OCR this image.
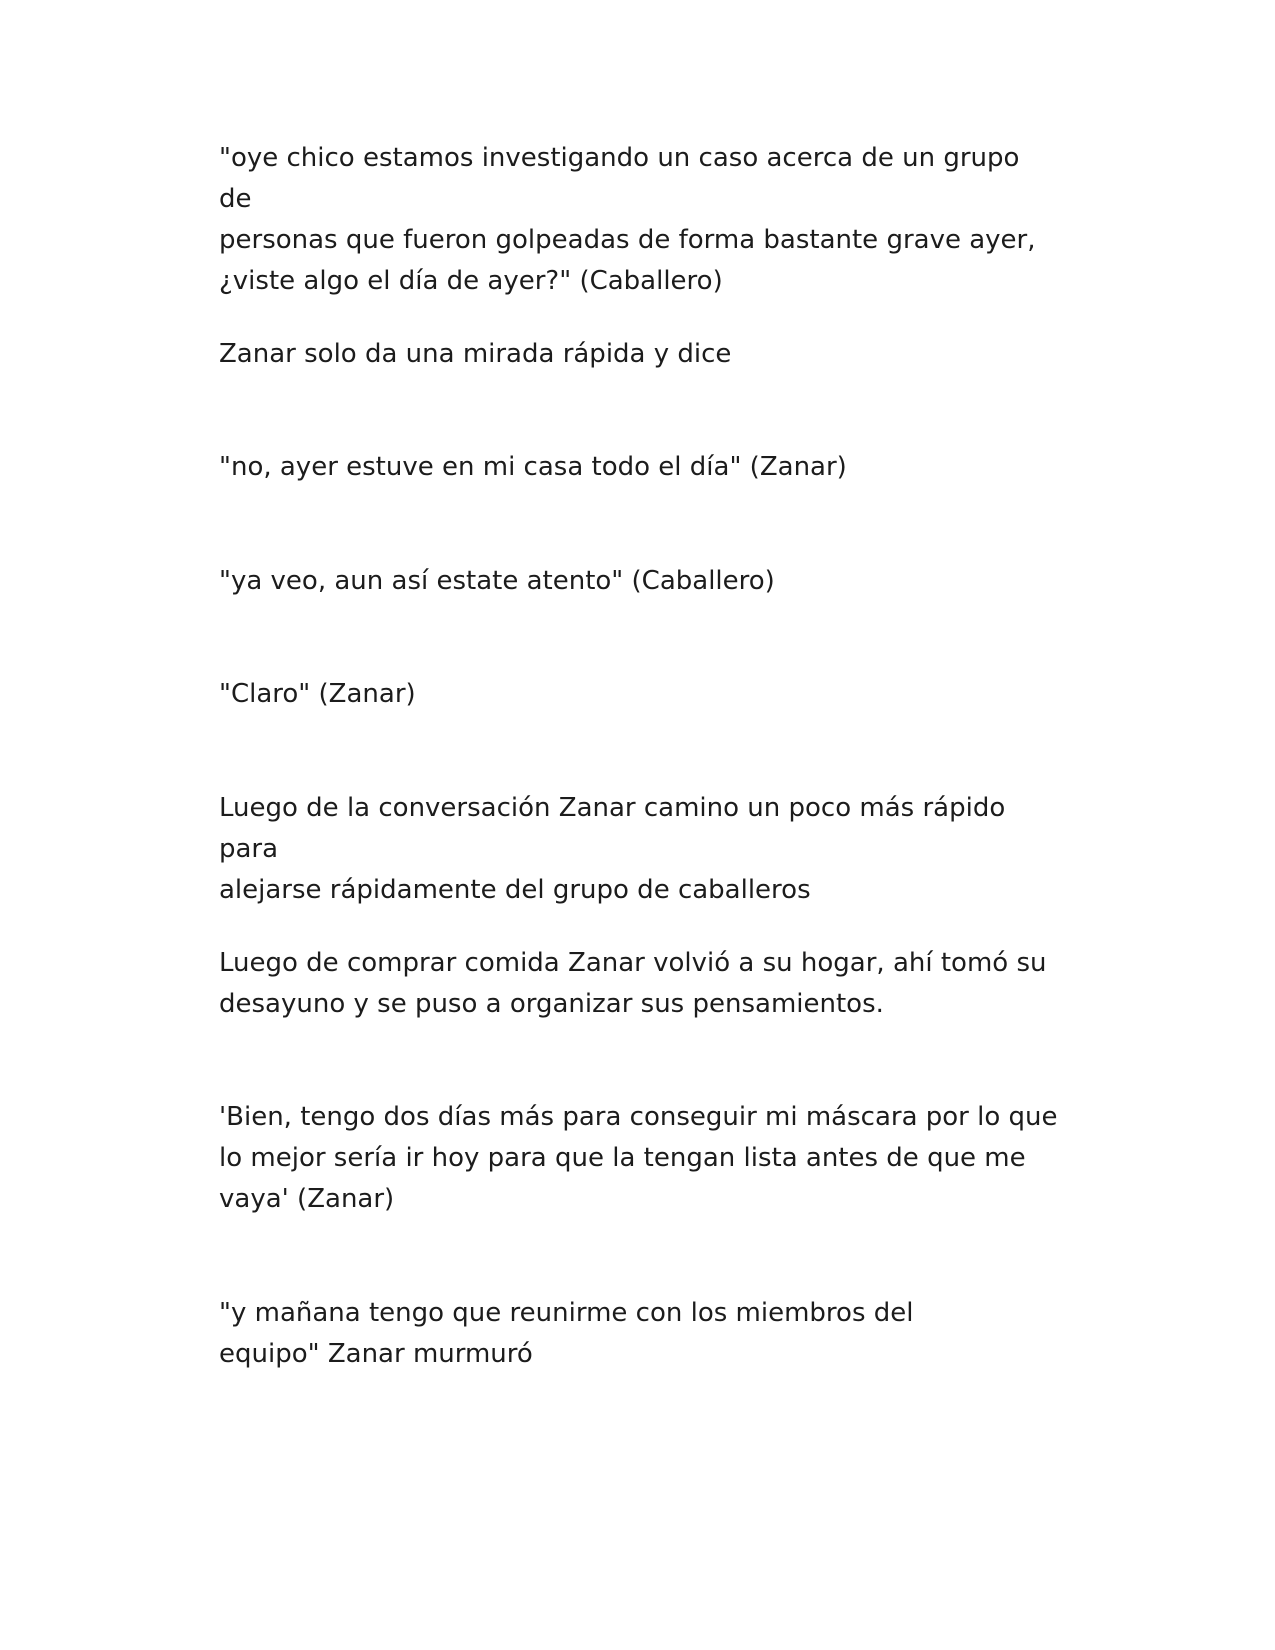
"oye chico estamos investigando un caso acerca de un grupo de
personas que fueron golpeadas de forma bastante grave ayer,
¿viste algo el día de ayer?" (Caballero)

Zanar solo da una mirada rápida y dice

"no, ayer estuve en mi casa todo el día" (Zanar)

"ya veo, aun así estate atento" (Caballero)

"Claro" (Zanar)

Luego de la conversación Zanar camino un poco más rápido para
alejarse rápidamente del grupo de caballeros

Luego de comprar comida Zanar volvió a su hogar, ahí tomó su
desayuno y se puso a organizar sus pensamientos.

'Bien, tengo dos días más para conseguir mi máscara por lo que
lo mejor sería ir hoy para que la tengan lista antes de que me
vaya' (Zanar)

"y mañana tengo que reunirme con los miembros del
equipo" Zanar murmuró
